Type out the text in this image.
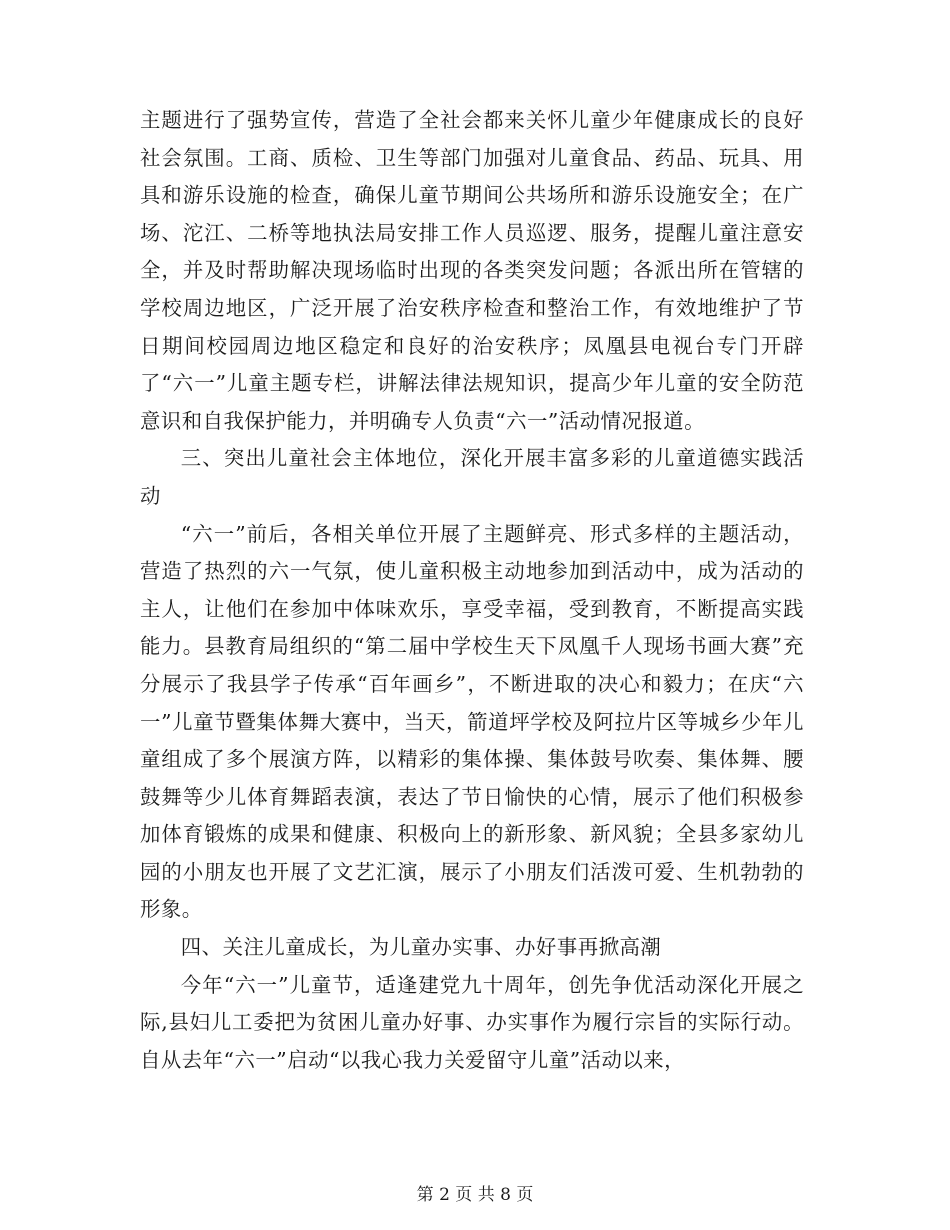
主题进行了强势宣传，营造了全社会都来关怀儿童少年健康成长的良好社会氛围。工商、质检、卫生等部门加强对儿童食品、药品、玩具、用具和游乐设施的检查，确保儿童节期间公共场所和游乐设施安全；在广场、沱江、二桥等地执法局安排工作人员巡逻、服务，提醒儿童注意安全，并及时帮助解决现场临时出现的各类突发问题；各派出所在管辖的学校周边地区，广泛开展了治安秩序检查和整治工作，有效地维护了节日期间校园周边地区稳定和良好的治安秩序；凤凰县电视台专门开辟了“六一”儿童主题专栏，讲解法律法规知识，提高少年儿童的安全防范意识和自我保护能力，并明确专人负责“六一”活动情况报道。

三、突出儿童社会主体地位，深化开展丰富多彩的儿童道德实践活动

“六一”前后，各相关单位开展了主题鲜亮、形式多样的主题活动，营造了热烈的六一气氛，使儿童积极主动地参加到活动中，成为活动的主人，让他们在参加中体味欢乐，享受幸福，受到教育，不断提高实践能力。县教育局组织的“第二届中学校生天下凤凰千人现场书画大赛”充分展示了我县学子传承“百年画乡”，不断进取的决心和毅力；在庆“六一”儿童节暨集体舞大赛中，当天，箭道坪学校及阿拉片区等城乡少年儿童组成了多个展演方阵，以精彩的集体操、集体鼓号吹奏、集体舞、腰鼓舞等少儿体育舞蹈表演，表达了节日愉快的心情，展示了他们积极参加体育锻炼的成果和健康、积极向上的新形象、新风貌；全县多家幼儿园的小朋友也开展了文艺汇演，展示了小朋友们活泼可爱、生机勃勃的形象。

四、关注儿童成长，为儿童办实事、办好事再掀高潮

今年“六一”儿童节，适逢建党九十周年，创先争优活动深化开展之际,县妇儿工委把为贫困儿童办好事、办实事作为履行宗旨的实际行动。自从去年“六一”启动“以我心我力关爱留守儿童”活动以来，

第 2 页 共 8 页
